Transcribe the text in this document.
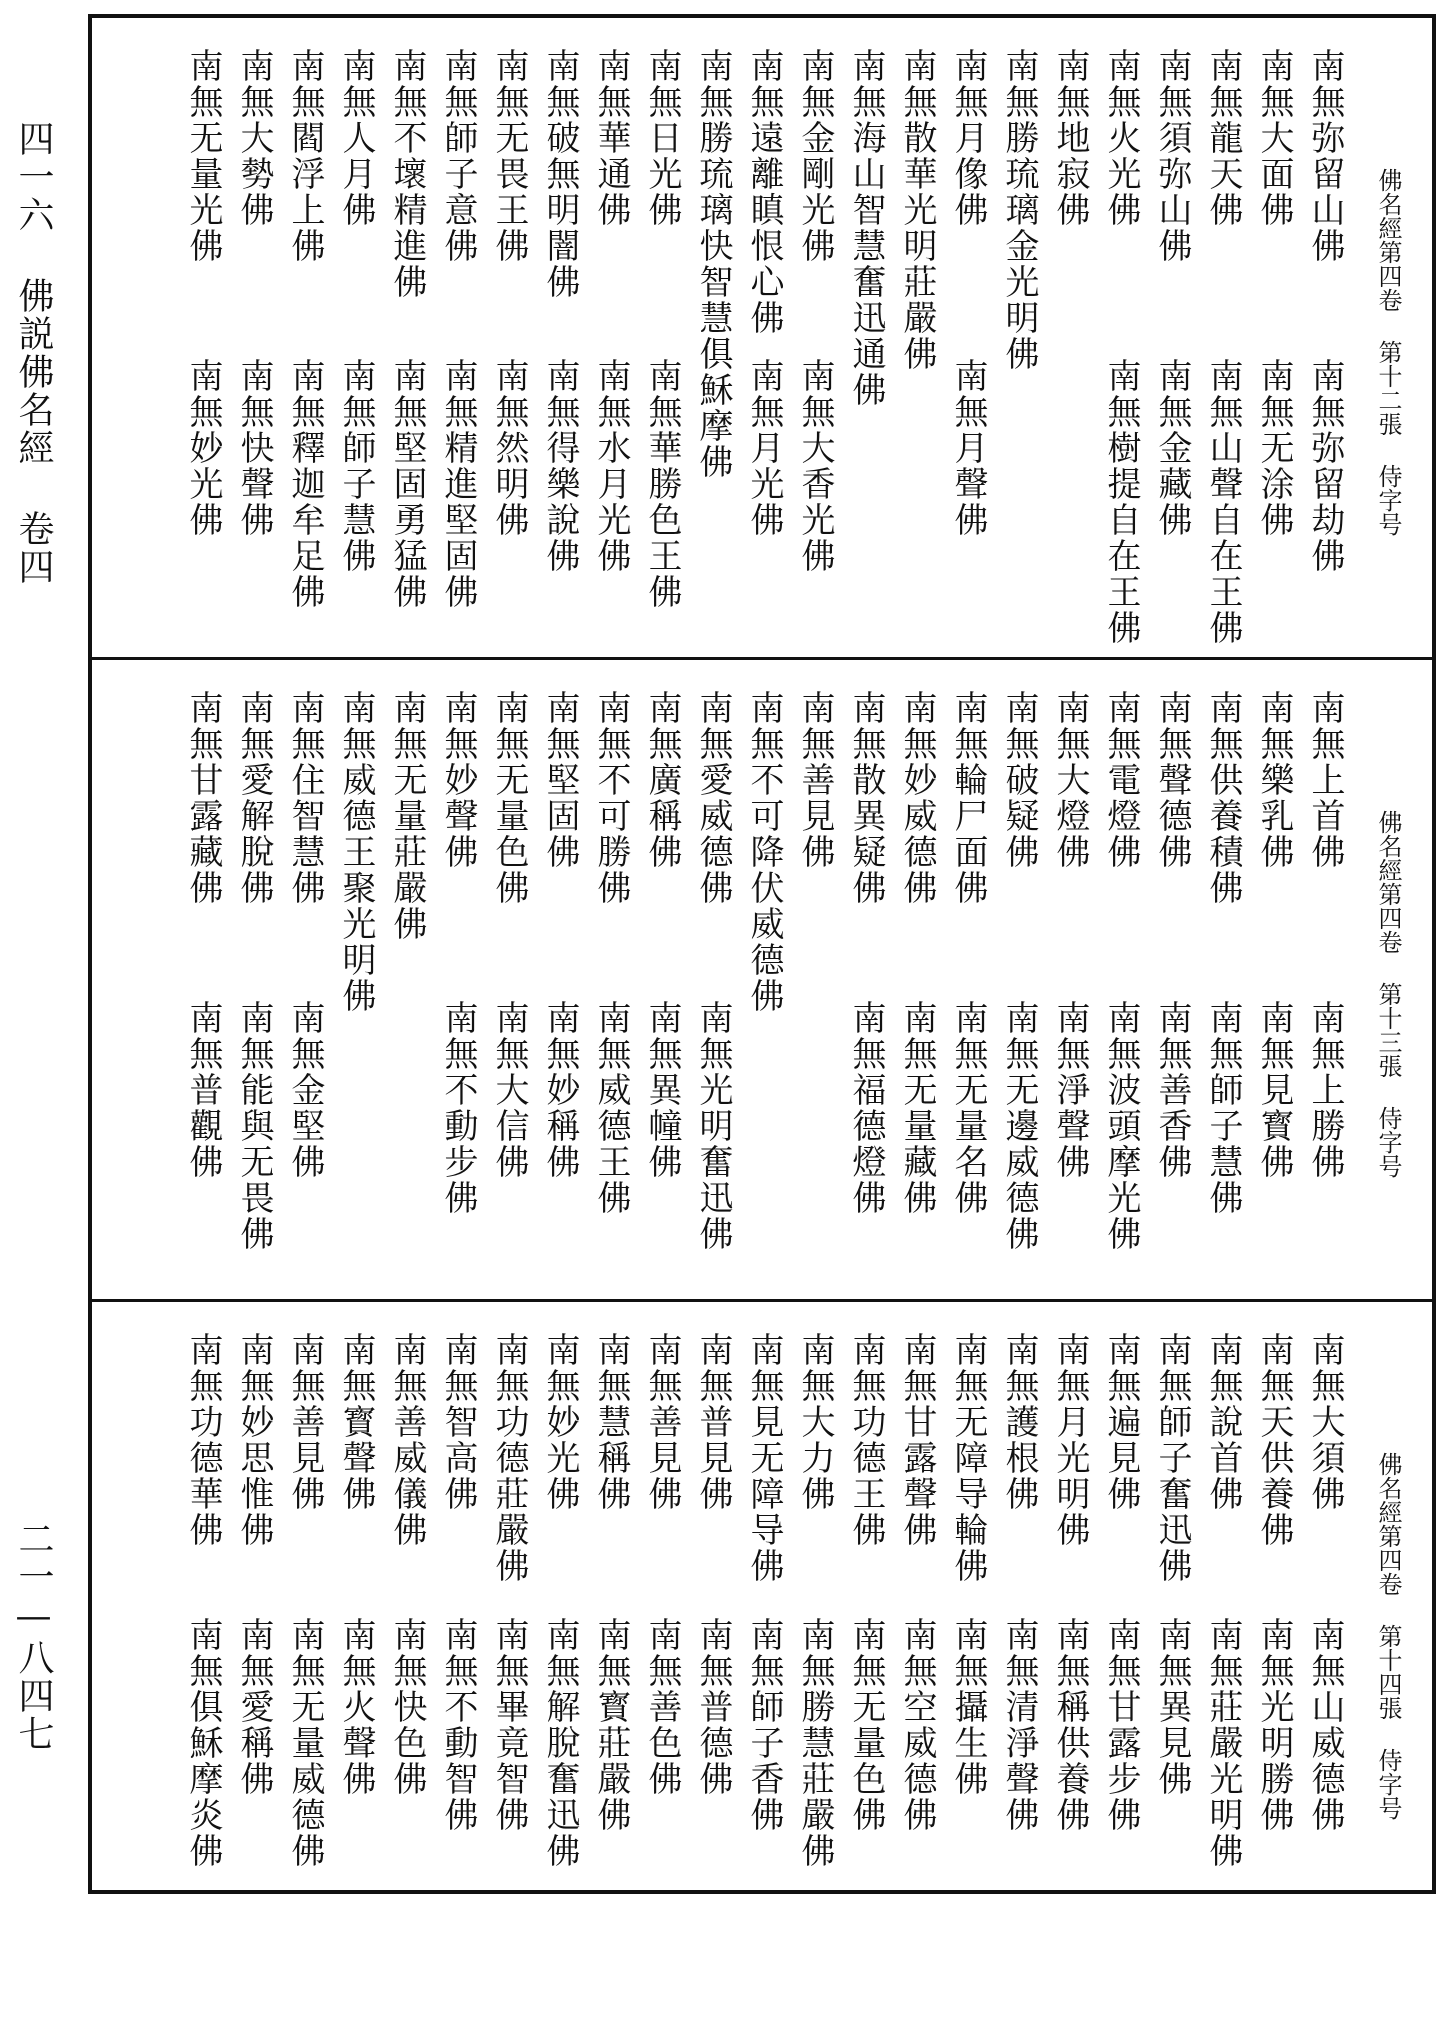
四一六 佛説佛名經 卷四
二一—八四七
佛名經第四卷 第十二張 侍字号
南無弥留山佛
南無弥留劫佛
南無大面佛
南無无涂佛
南無龍天佛
南無山聲自在王佛
南無須弥山佛
南無金藏佛
南無火光佛
南無樹提自在王佛
南無地寂佛
南無勝琉璃金光明佛
南無月像佛
南無月聲佛
南無散華光明莊嚴佛
南無海山智慧奮迅通佛
南無金剛光佛
南無大香光佛
南無遠離瞋恨心佛
南無月光佛
南無勝琉璃快智慧俱穌摩佛
南無日光佛
南無華勝色王佛
南無華通佛
南無水月光佛
南無破無明闇佛
南無得樂說佛
南無无畏王佛
南無然明佛
南無師子意佛
南無精進堅固佛
南無不壞精進佛
南無堅固勇猛佛
南無人月佛
南無師子慧佛
南無閻浮上佛
南無釋迦牟足佛
南無大勢佛
南無快聲佛
南無无量光佛
南無妙光佛
佛名經第四卷 第十三張 侍字号
南無上首佛
南無上勝佛
南無樂乳佛
南無見寳佛
南無供養積佛
南無師子慧佛
南無聲德佛
南無善香佛
南無電燈佛
南無波頭摩光佛
南無大燈佛
南無淨聲佛
南無破疑佛
南無无邊威德佛
南無輪尸面佛
南無无量名佛
南無妙威德佛
南無无量藏佛
南無散異疑佛
南無福德燈佛
南無善見佛
南無不可降伏威德佛
南無愛威德佛
南無光明奮迅佛
南無廣稱佛
南無異幢佛
南無不可勝佛
南無威德王佛
南無堅固佛
南無妙稱佛
南無无量色佛
南無大信佛
南無妙聲佛
南無不動步佛
南無无量莊嚴佛
南無威德王聚光明佛
南無住智慧佛
南無金堅佛
南無愛解脫佛
南無能與无畏佛
南無甘露藏佛
南無普觀佛
佛名經第四卷 第十四張 侍字号
南無大須佛
南無山威德佛
南無天供養佛
南無光明勝佛
南無說首佛
南無莊嚴光明佛
南無師子奮迅佛
南無異見佛
南無遍見佛
南無甘露步佛
南無月光明佛
南無稱供養佛
南無護根佛
南無清淨聲佛
南無无障导輪佛
南無攝生佛
南無甘露聲佛
南無空威德佛
南無功德王佛
南無无量色佛
南無大力佛
南無勝慧莊嚴佛
南無見无障导佛
南無師子香佛
南無普見佛
南無普德佛
南無善見佛
南無善色佛
南無慧稱佛
南無寳莊嚴佛
南無妙光佛
南無解脫奮迅佛
南無功德莊嚴佛
南無畢竟智佛
南無智高佛
南無不動智佛
南無善威儀佛
南無快色佛
南無寳聲佛
南無火聲佛
南無善見佛
南無无量威德佛
南無妙思惟佛
南無愛稱佛
南無功德華佛
南無俱穌摩炎佛
